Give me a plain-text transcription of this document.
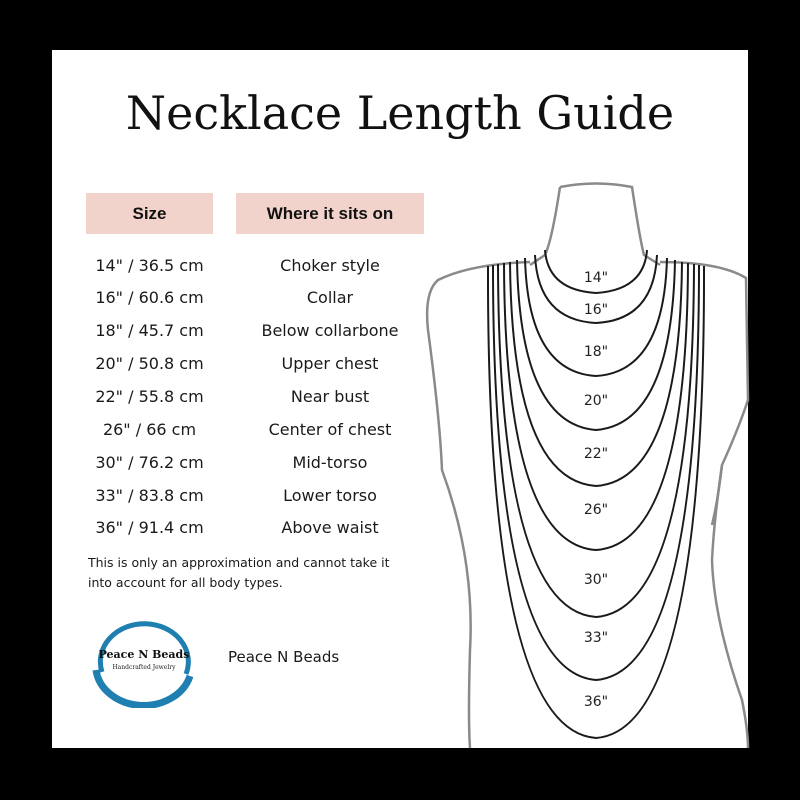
Necklace Length Guide
Size	Where it sits on
14" / 36.5 cm	Choker style
16" / 60.6 cm	Collar
18" / 45.7 cm	Below collarbone
20" / 50.8 cm	Upper chest
22" / 55.8 cm	Near bust
26" / 66 cm	Center of chest
30" / 76.2 cm	Mid-torso
33" / 83.8 cm	Lower torso
36" / 91.4 cm	Above waist
This is only an approximation and cannot take it into account for all body types.
Peace N Beads
Handcrafted Jewelry
Peace N Beads
14"
16"
18"
20"
22"
26"
30"
33"
36"
